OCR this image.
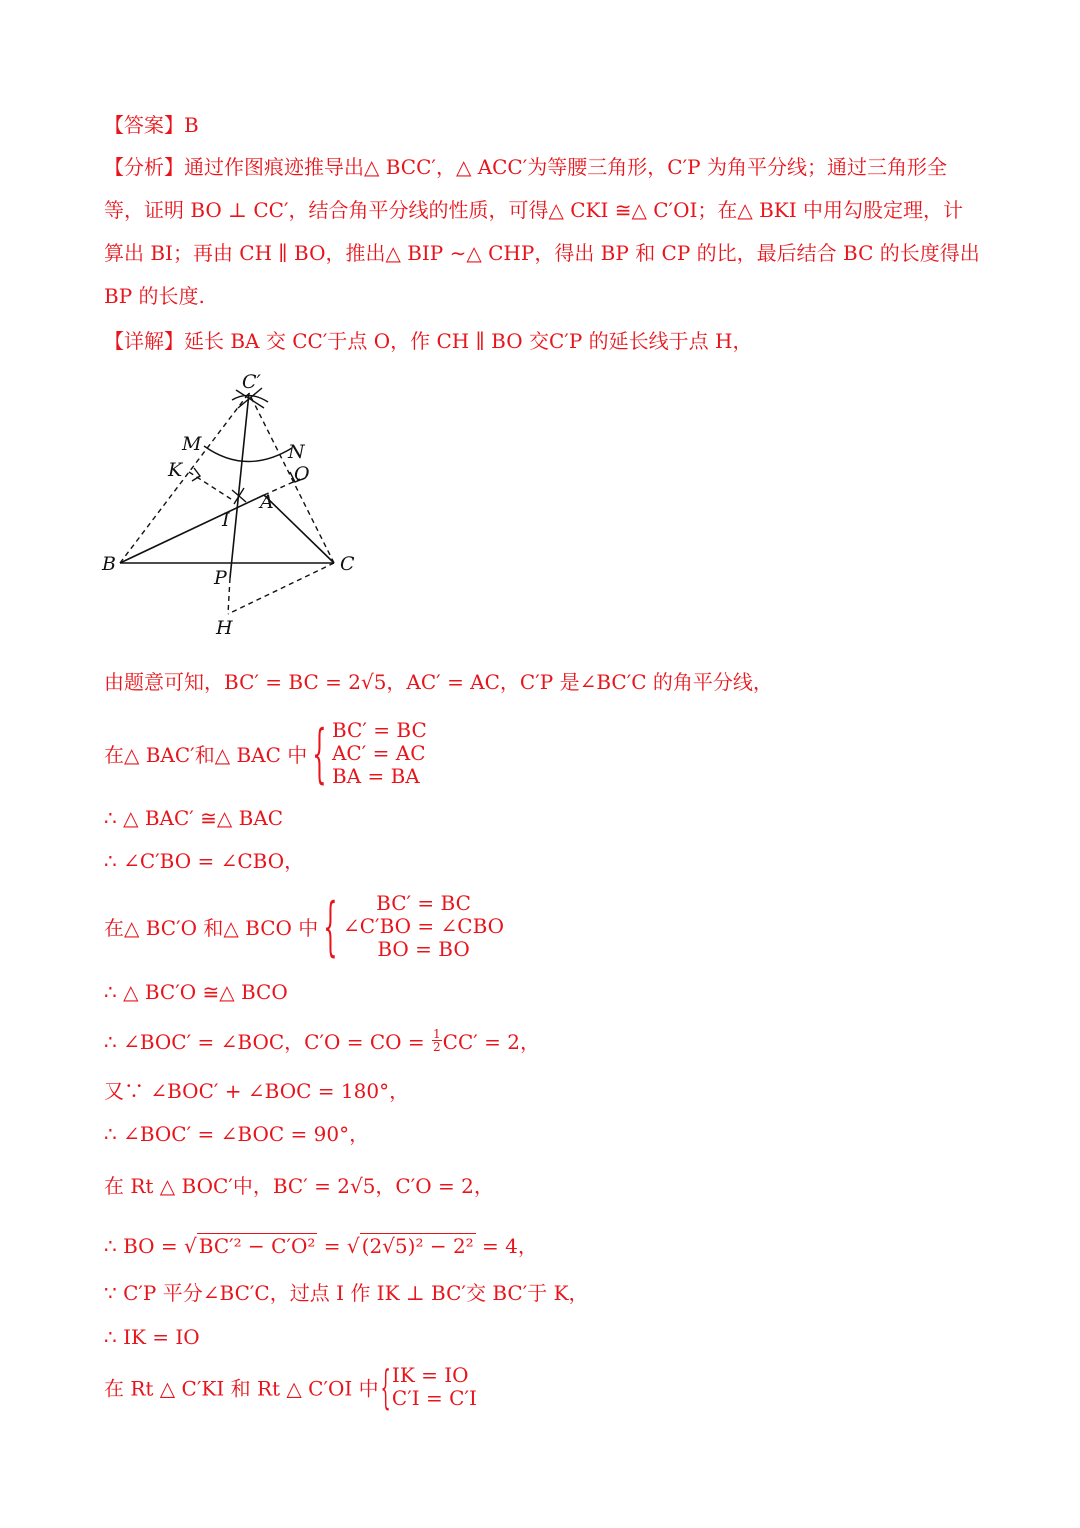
【答案】B
【分析】通过作图痕迹推导出△ BCC′，△ ACC′为等腰三角形，C′P 为角平分线；通过三角形全
等，证明 BO ⊥ CC′，结合角平分线的性质，可得△ CKI ≅△ C′OI；在△ BKI 中用勾股定理，计
算出 BI；再由 CH ∥ BO，推出△ BIP ∼△ CHP，得出 BP 和 CP 的比，最后结合 BC 的长度得出
BP 的长度.
【详解】延长 BA 交 CC′于点 O，作 CH ∥ BO 交C′P 的延长线于点 H，
C′
M	N
K	O
A
I
B
P
C
H
由题意可知，BC′ = BC = 2√5，AC′ = AC，C′P 是∠BC′C 的角平分线，
在△ BAC′和△ BAC 中{ BC′ = BC
AC′ = AC
BA = BA
∴ △ BAC′ ≅△ BAC
∴ ∠C′BO = ∠CBO，
在△ BC′O 和△ BCO 中{	BC′ = BC
∠C′BO = ∠CBO
BO = BO
∴ △ BC′O ≅△ BCO
∴ ∠BOC′ = ∠BOC，C′O = CO = $\frac{1}{2} CC' = 2$，
又∵ ∠BOC′ + ∠BOC = 180°，
∴ ∠BOC′ = ∠BOC = 90°，
在 Rt △ BOC′中，BC′ = 2√5，C′O = 2，
∴ BO = √ BC′² − C′O² = √ (2√5)² − 2² = 4，
∵ C′P 平分∠BC′C，过点 I 作 IK ⊥ BC′交 BC′于 K，
∴ IK = IO
在 Rt △ C′KI 和 Rt △ C′OI 中{ IK = IO
C′I = C′I
